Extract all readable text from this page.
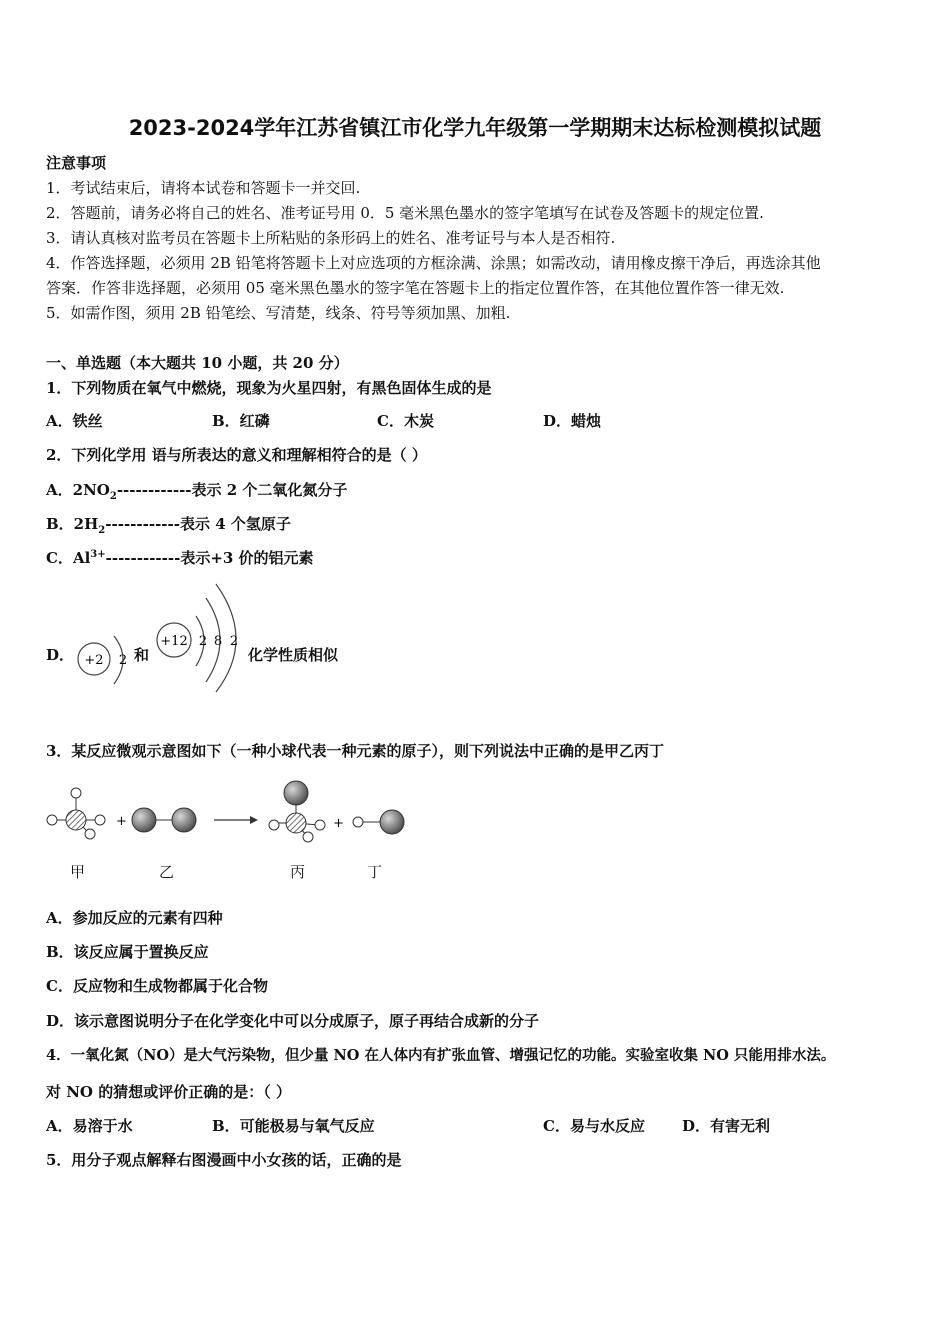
2023-2024学年江苏省镇江市化学九年级第一学期期末达标检测模拟试题
注意事项
1．考试结束后，请将本试卷和答题卡一并交回.
2．答题前，请务必将自己的姓名、准考证号用 0．5 毫米黑色墨水的签字笔填写在试卷及答题卡的规定位置.
3．请认真核对监考员在答题卡上所粘贴的条形码上的姓名、准考证号与本人是否相符.
4．作答选择题，必须用 2B 铅笔将答题卡上对应选项的方框涂满、涂黑；如需改动，请用橡皮擦干净后，再选涂其他
答案．作答非选择题，必须用 05 毫米黑色墨水的签字笔在答题卡上的指定位置作答，在其他位置作答一律无效.
5．如需作图，须用 2B 铅笔绘、写清楚，线条、符号等须加黑、加粗.
一、单选题（本大题共 10 小题，共 20 分）
1．下列物质在氧气中燃烧，现象为火星四射，有黑色固体生成的是
A．铁丝	B．红磷	C．木炭	D．蜡烛
2．下列化学用 语与所表达的意义和理解相符合的是（ ）
A．$2NO_2------------$表示 2 个二氧化氮分子
B．$2H_2------------$表示 4 个氢原子
C．$Al^{3+}------------$表示+3 价的铝元素
D． +2 2
+12 2 8 2
和	化学性质相似
3．某反应微观示意图如下（一种小球代表一种元素的原子），则下列说法中正确的是甲乙丙丁
+	+
甲	乙	丙	丁
A．参加反应的元素有四种
B．该反应属于置换反应
C．反应物和生成物都属于化合物
D．该示意图说明分子在化学变化中可以分成原子，原子再结合成新的分子
4．一氧化氮（NO）是大气污染物，但少量 NO 在人体内有扩张血管、增强记忆的功能。实验室收集 NO 只能用排水法。
对 NO 的猜想或评价正确的是：（ ）
A．易溶于水	B．可能极易与氧气反应	C．易与水反应 D．有害无利
5．用分子观点解释右图漫画中小女孩的话，正确的是
